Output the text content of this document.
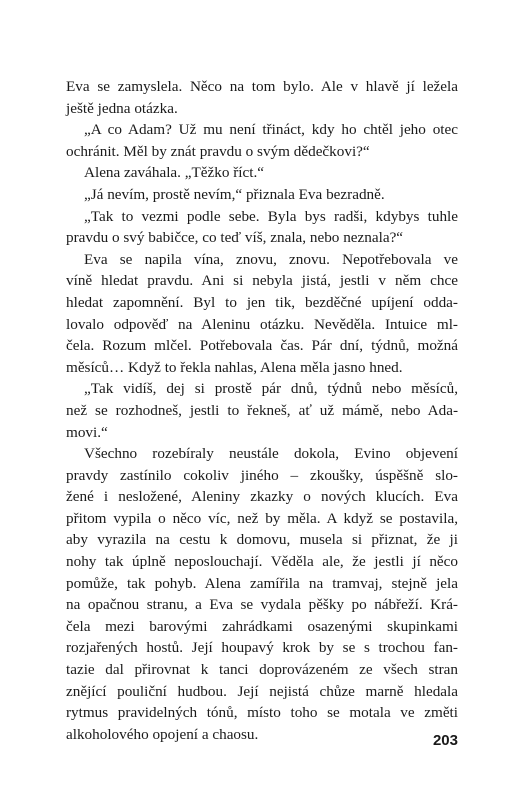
Eva se zamyslela. Něco na tom bylo. Ale v hlavě jí ležela
ještě jedna otázka.
„A co Adam? Už mu není třináct, kdy ho chtěl jeho otec
ochránit. Měl by znát pravdu o svým dědečkovi?“
Alena zaváhala. „Těžko říct.“
„Já nevím, prostě nevím,“ přiznala Eva bezradně.
„Tak to vezmi podle sebe. Byla bys radši, kdybys tuhle
pravdu o svý babičce, co teď víš, znala, nebo neznala?“
Eva se napila vína, znovu, znovu. Nepotřebovala ve
víně hledat pravdu. Ani si nebyla jistá, jestli v něm chce
hledat zapomnění. Byl to jen tik, bezděčné upíjení odda-
lovalo odpověď na Aleninu otázku. Nevěděla. Intuice ml-
čela. Rozum mlčel. Potřebovala čas. Pár dní, týdnů, možná
měsíců… Když to řekla nahlas, Alena měla jasno hned.
„Tak vidíš, dej si prostě pár dnů, týdnů nebo měsíců,
než se rozhodneš, jestli to řekneš, ať už mámě, nebo Ada-
movi.“
Všechno rozebíraly neustále dokola, Evino objevení
pravdy zastínilo cokoliv jiného – zkoušky, úspěšně slo-
žené i nesložené, Aleniny zkazky o nových klucích. Eva
přitom vypila o něco víc, než by měla. A když se postavila,
aby vyrazila na cestu k domovu, musela si přiznat, že ji
nohy tak úplně neposlouchají. Věděla ale, že jestli jí něco
pomůže, tak pohyb. Alena zamířila na tramvaj, stejně jela
na opačnou stranu, a Eva se vydala pěšky po nábřeží. Krá-
čela mezi barovými zahrádkami osazenými skupinkami
rozjařených hostů. Její houpavý krok by se s trochou fan-
tazie dal přirovnat k tanci doprovázeném ze všech stran
znějící pouliční hudbou. Její nejistá chůze marně hledala
rytmus pravidelných tónů, místo toho se motala ve změti
alkoholového opojení a chaosu.	203
